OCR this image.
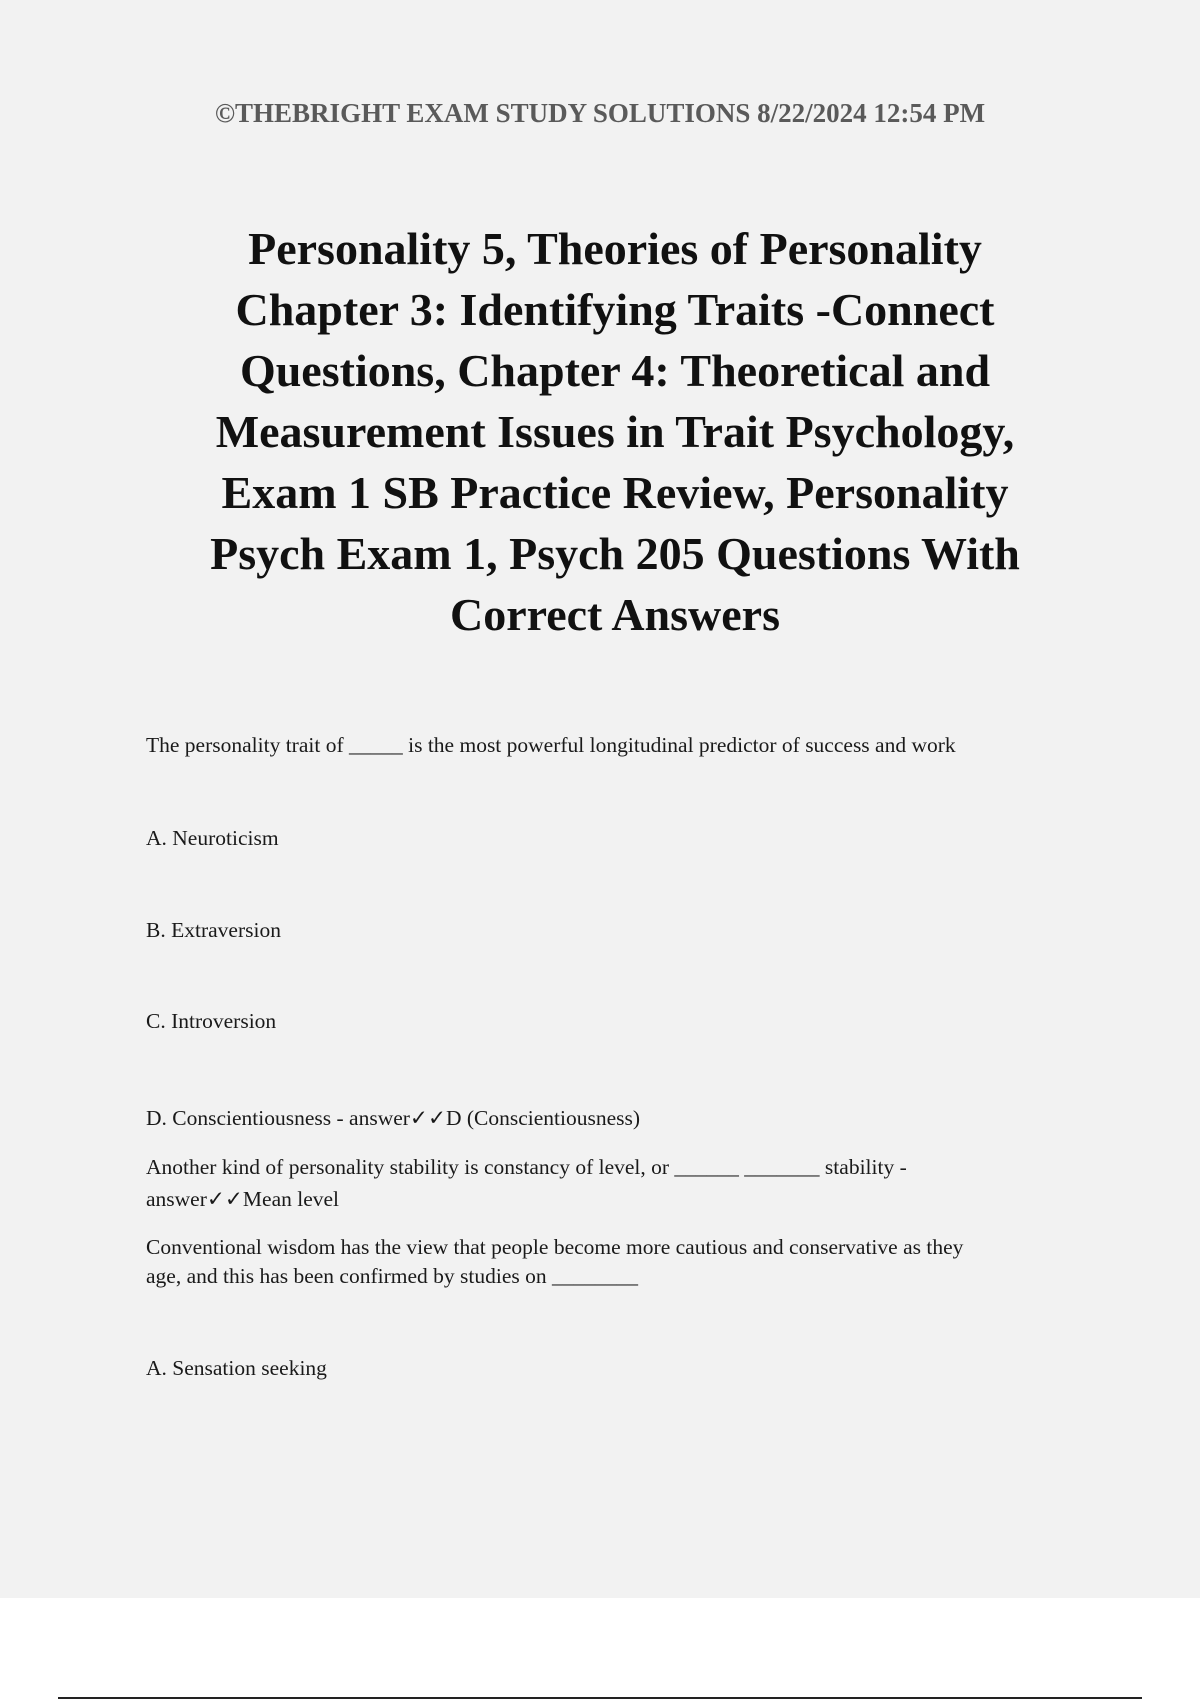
©THEBRIGHT EXAM STUDY SOLUTIONS 8/22/2024 12:54 PM
Personality 5, Theories of Personality
Chapter 3: Identifying Traits -Connect
Questions, Chapter 4: Theoretical and
Measurement Issues in Trait Psychology,
Exam 1 SB Practice Review, Personality
Psych Exam 1, Psych 205 Questions With
Correct Answers
The personality trait of _____ is the most powerful longitudinal predictor of success and work
A. Neuroticism
B. Extraversion
C. Introversion
D. Conscientiousness - answer✓✓D (Conscientiousness)
Another kind of personality stability is constancy of level, or ______ _______ stability -
answer✓✓Mean level
Conventional wisdom has the view that people become more cautious and conservative as they
age, and this has been confirmed by studies on ________
A. Sensation seeking
